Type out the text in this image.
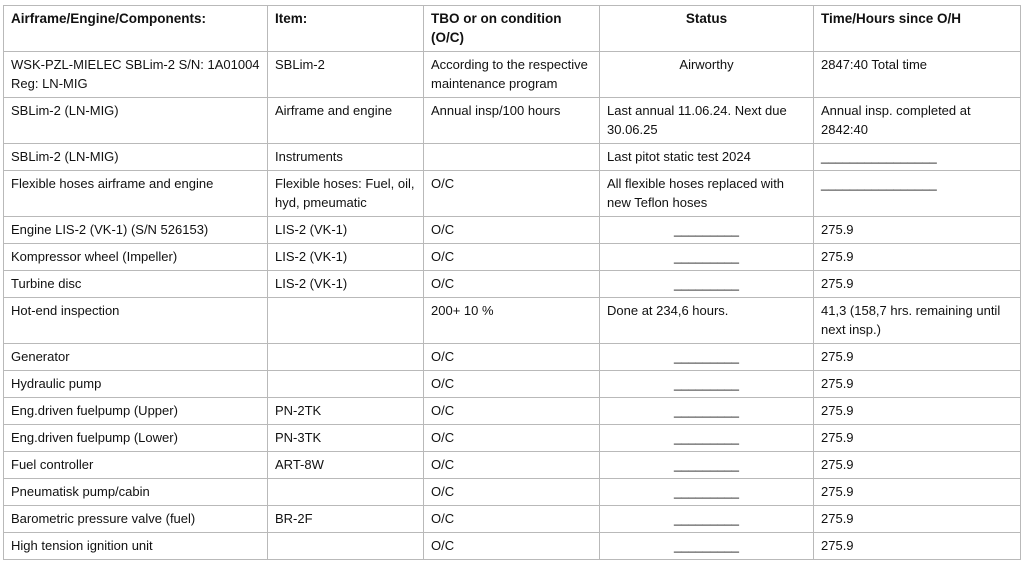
Airframe/Engine/Components:	Item:	TBO or on condition (O/C)	Status	Time/Hours since O/H
WSK-PZL-MIELEC SBLim-2 S/N: 1A01004 Reg: LN-MIG	SBLim-2	According to the respective maintenance program	Airworthy	2847:40 Total time
SBLim-2 (LN-MIG)	Airframe and engine	Annual insp/100 hours	Last annual 11.06.24. Next due 30.06.25	Annual insp. completed at 2842:40
SBLim-2 (LN-MIG)	Instruments		Last pitot static test 2024	________________
Flexible hoses airframe and engine	Flexible hoses: Fuel, oil, hyd, pmeumatic	O/C	All flexible hoses replaced with new Teflon hoses	________________
Engine LIS-2 (VK-1) (S/N 526153)	LIS-2 (VK-1)	O/C	_________	275.9
Kompressor wheel (Impeller)	LIS-2 (VK-1)	O/C	_________	275.9
Turbine disc	LIS-2 (VK-1)	O/C	_________	275.9
Hot-end inspection		200+ 10 %	Done at 234,6 hours.	41,3 (158,7 hrs. remaining until next insp.)
Generator		O/C	_________	275.9
Hydraulic pump		O/C	_________	275.9
Eng.driven fuelpump (Upper)	PN-2TK	O/C	_________	275.9
Eng.driven fuelpump (Lower)	PN-3TK	O/C	_________	275.9
Fuel controller	ART-8W	O/C	_________	275.9
Pneumatisk pump/cabin		O/C	_________	275.9
Barometric pressure valve (fuel)	BR-2F	O/C	_________	275.9
High tension ignition unit		O/C	_________	275.9
